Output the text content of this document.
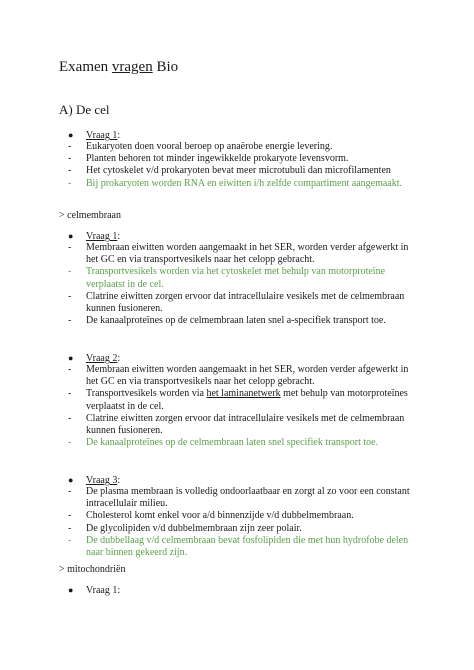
Examen vragen Bio
A) De cel
● Vraag 1:
- Eukaryoten doen vooral beroep op anaërobe energie levering.
- Planten behoren tot minder ingewikkelde prokaryote levensvorm.
- Het cytoskelet v/d prokaryoten bevat meer microtubuli dan microfilamenten
- Bij prokaryoten worden RNA en eiwitten i/h zelfde compartiment aangemaakt.
> celmembraan
● Vraag 1:
- Membraan eiwitten worden aangemaakt in het SER, worden verder afgewerkt in het GC en via transportvesikels naar het celopp gebracht.
- Transportvesikels worden via het cytoskelet met behulp van motorproteïne verplaatst in de cel.
- Clatrine eiwitten zorgen ervoor dat intracellulaire vesikels met de celmembraan kunnen fusioneren.
- De kanaalproteïnes op de celmembraan laten snel a-specifiek transport toe.
● Vraag 2:
- Membraan eiwitten worden aangemaakt in het SER, worden verder afgewerkt in het GC en via transportvesikels naar het celopp gebracht.
- Transportvesikels worden via het laminanetwerk met behulp van motorproteïnes verplaatst in de cel.
- Clatrine eiwitten zorgen ervoor dat intracellulaire vesikels met de celmembraan kunnen fusioneren.
- De kanaalproteïnes op de celmembraan laten snel specifiek transport toe.
● Vraag 3:
- De plasma membraan is volledig ondoorlaatbaar en zorgt al zo voor een constant intracellulair milieu.
- Cholesterol komt enkel voor a/d binnenzijde v/d dubbelmembraan.
- De glycolipiden v/d dubbelmembraan zijn zeer polair.
- De dubbellaag v/d celmembraan bevat fosfolipiden die met hun hydrofobe delen naar binnen gekeerd zijn.
> mitochondriën
● Vraag 1:
